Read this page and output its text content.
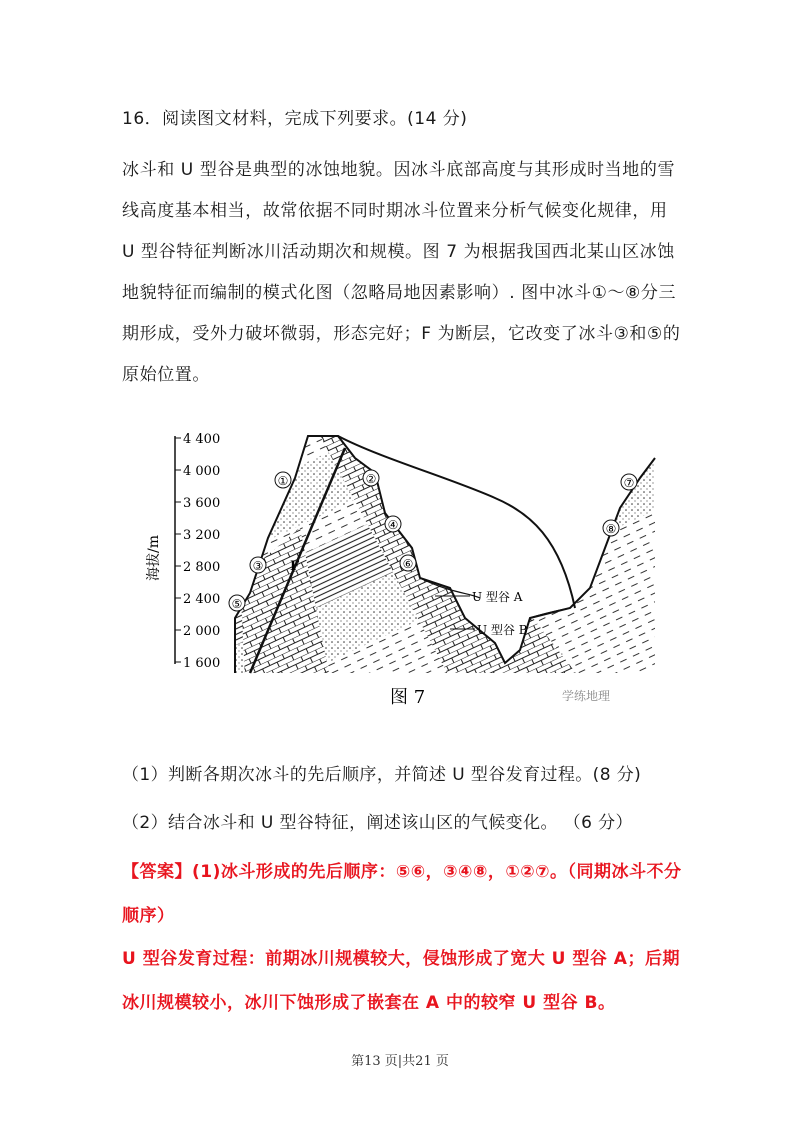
16．阅读图文材料，完成下列要求。(14 分)

冰斗和 U 型谷是典型的冰蚀地貌。因冰斗底部高度与其形成时当地的雪线高度基本相当，故常依据不同时期冰斗位置来分析气候变化规律，用 U 型谷特征判断冰川活动期次和规模。图 7 为根据我国西北某山区冰蚀地貌特征而编制的模式化图（忽略局地因素影响）. 图中冰斗①～⑧分三期形成，受外力破坏微弱，形态完好；F 为断层，它改变了冰斗③和⑤的原始位置。

4 400
4 000
3 600
3 200
2 800
2 400
2 000
1 600
海拔/m	F
①	②
③
④
⑤
⑥
⑦
⑧
U 型谷 A
U 型谷 B
图 7	学练地理
（1）判断各期次冰斗的先后顺序，并简述 U 型谷发育过程。(8 分)
（2）结合冰斗和 U 型谷特征，阐述该山区的气候变化。 （6 分）

【答案】(1)冰斗形成的先后顺序：⑤⑥，③④⑧，①②⑦。（同期冰斗不分顺序）

U 型谷发育过程：前期冰川规模较大，侵蚀形成了宽大 U 型谷 A；后期冰川规模较小，冰川下蚀形成了嵌套在 A 中的较窄 U 型谷 B。

第13 页|共21 页
